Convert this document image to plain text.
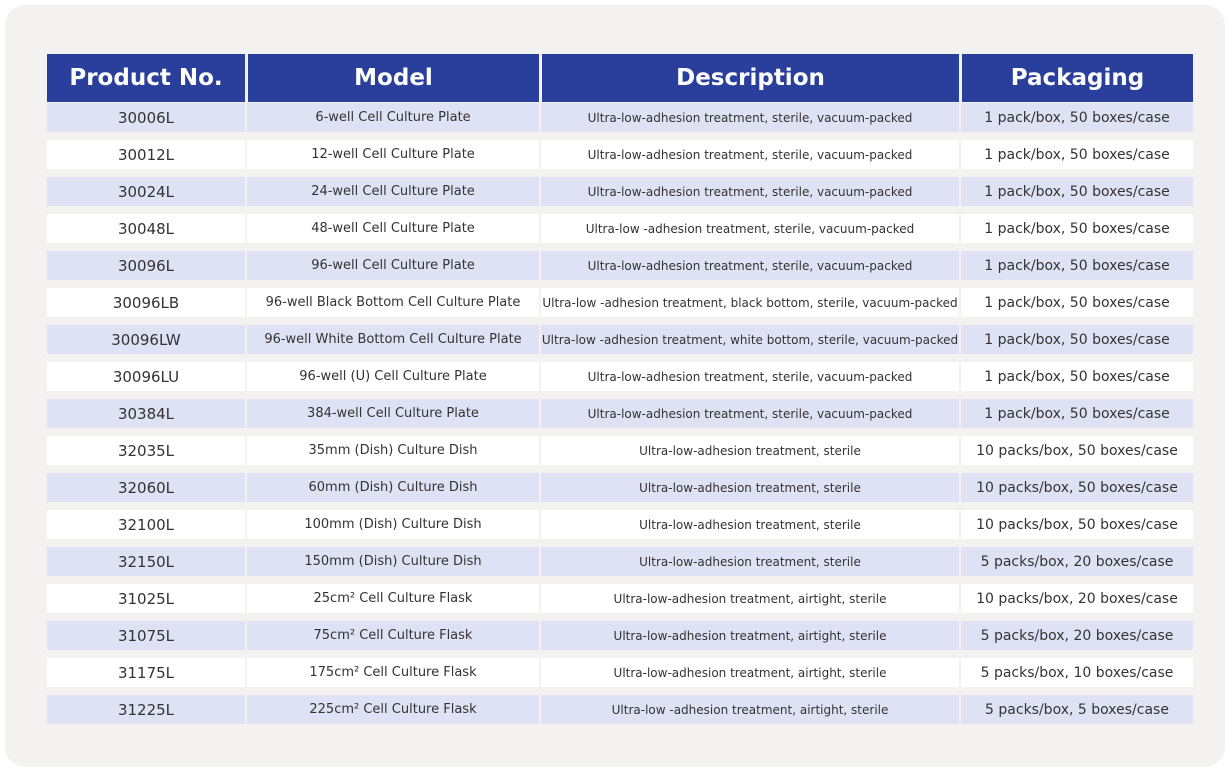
Product No.	Model	Description	Packaging
30006L	6-well Cell Culture Plate	Ultra-low-adhesion treatment, sterile, vacuum-packed	1 pack/box, 50 boxes/case
30012L	12-well Cell Culture Plate	Ultra-low-adhesion treatment, sterile, vacuum-packed	1 pack/box, 50 boxes/case
30024L	24-well Cell Culture Plate	Ultra-low-adhesion treatment, sterile, vacuum-packed	1 pack/box, 50 boxes/case
30048L	48-well Cell Culture Plate	Ultra-low -adhesion treatment, sterile, vacuum-packed	1 pack/box, 50 boxes/case
30096L	96-well Cell Culture Plate	Ultra-low-adhesion treatment, sterile, vacuum-packed	1 pack/box, 50 boxes/case
30096LB	96-well Black Bottom Cell Culture Plate	Ultra-low -adhesion treatment, black bottom, sterile, vacuum-packed	1 pack/box, 50 boxes/case
30096LW	96-well White Bottom Cell Culture Plate	Ultra-low -adhesion treatment, white bottom, sterile, vacuum-packed	1 pack/box, 50 boxes/case
30096LU	96-well (U) Cell Culture Plate	Ultra-low-adhesion treatment, sterile, vacuum-packed	1 pack/box, 50 boxes/case
30384L	384-well Cell Culture Plate	Ultra-low-adhesion treatment, sterile, vacuum-packed	1 pack/box, 50 boxes/case
32035L	35mm (Dish) Culture Dish	Ultra-low-adhesion treatment, sterile	10 packs/box, 50 boxes/case
32060L	60mm (Dish) Culture Dish	Ultra-low-adhesion treatment, sterile	10 packs/box, 50 boxes/case
32100L	100mm (Dish) Culture Dish	Ultra-low-adhesion treatment, sterile	10 packs/box, 50 boxes/case
32150L	150mm (Dish) Culture Dish	Ultra-low-adhesion treatment, sterile	5 packs/box, 20 boxes/case
31025L	25cm² Cell Culture Flask	Ultra-low-adhesion treatment, airtight, sterile	10 packs/box, 20 boxes/case
31075L	75cm² Cell Culture Flask	Ultra-low-adhesion treatment, airtight, sterile	5 packs/box, 20 boxes/case
31175L	175cm² Cell Culture Flask	Ultra-low-adhesion treatment, airtight, sterile	5 packs/box, 10 boxes/case
31225L	225cm² Cell Culture Flask	Ultra-low -adhesion treatment, airtight, sterile	5 packs/box, 5 boxes/case
